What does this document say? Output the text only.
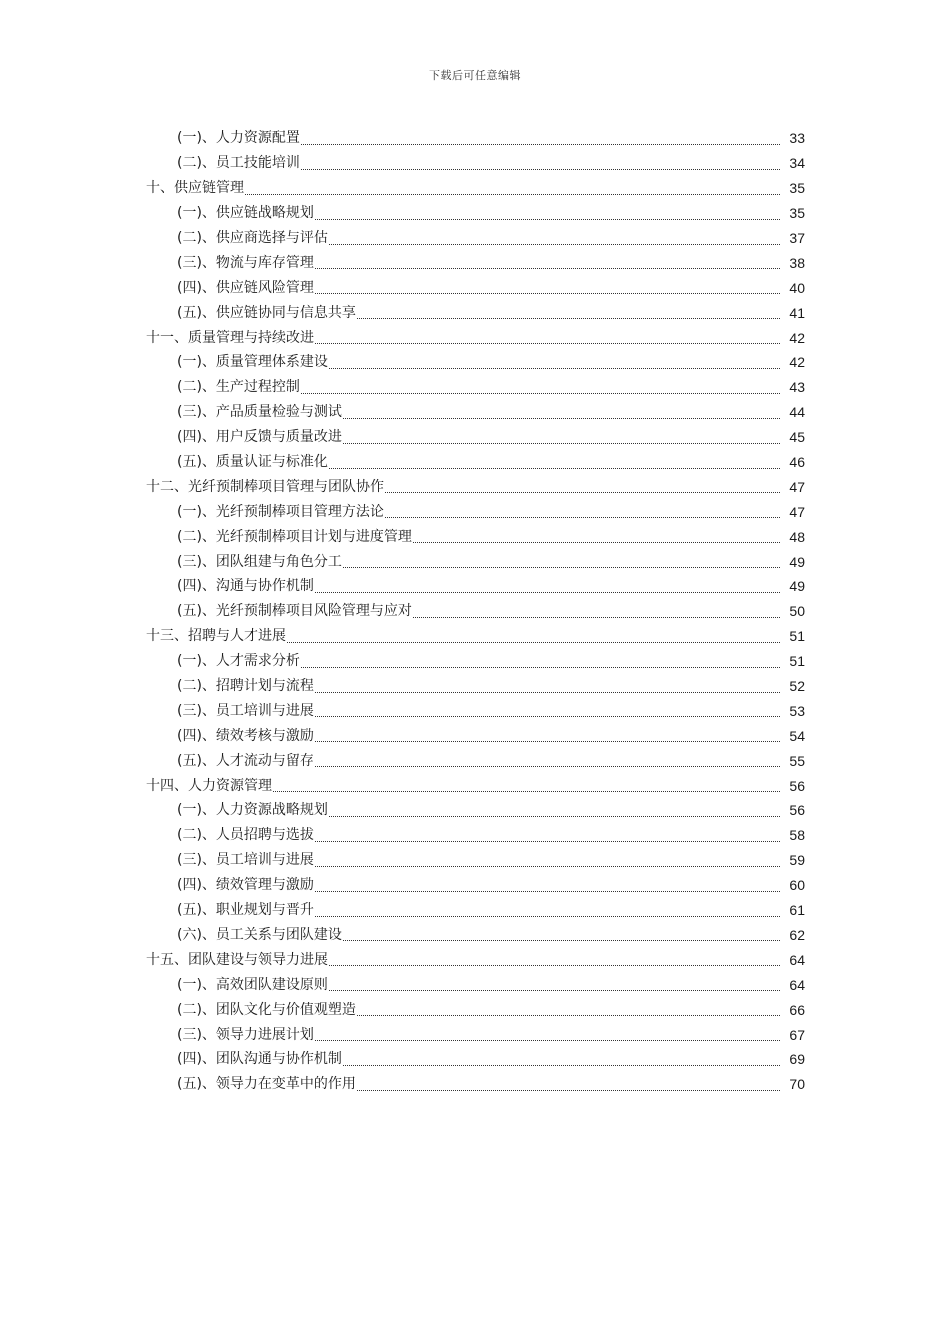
下载后可任意编辑
(一)、人力资源配置	33
(二)、员工技能培训	34
十、供应链管理	35
(一)、供应链战略规划	35
(二)、供应商选择与评估	37
(三)、物流与库存管理	38
(四)、供应链风险管理	40
(五)、供应链协同与信息共享	41
十一、质量管理与持续改进	42
(一)、质量管理体系建设	42
(二)、生产过程控制	43
(三)、产品质量检验与测试	44
(四)、用户反馈与质量改进	45
(五)、质量认证与标准化	46
十二、光纤预制棒项目管理与团队协作	47
(一)、光纤预制棒项目管理方法论	47
(二)、光纤预制棒项目计划与进度管理	48
(三)、团队组建与角色分工	49
(四)、沟通与协作机制	49
(五)、光纤预制棒项目风险管理与应对	50
十三、招聘与人才进展	51
(一)、人才需求分析	51
(二)、招聘计划与流程	52
(三)、员工培训与进展	53
(四)、绩效考核与激励	54
(五)、人才流动与留存	55
十四、人力资源管理	56
(一)、人力资源战略规划	56
(二)、人员招聘与选拔	58
(三)、员工培训与进展	59
(四)、绩效管理与激励	60
(五)、职业规划与晋升	61
(六)、员工关系与团队建设	62
十五、团队建设与领导力进展	64
(一)、高效团队建设原则	64
(二)、团队文化与价值观塑造	66
(三)、领导力进展计划	67
(四)、团队沟通与协作机制	69
(五)、领导力在变革中的作用	70
